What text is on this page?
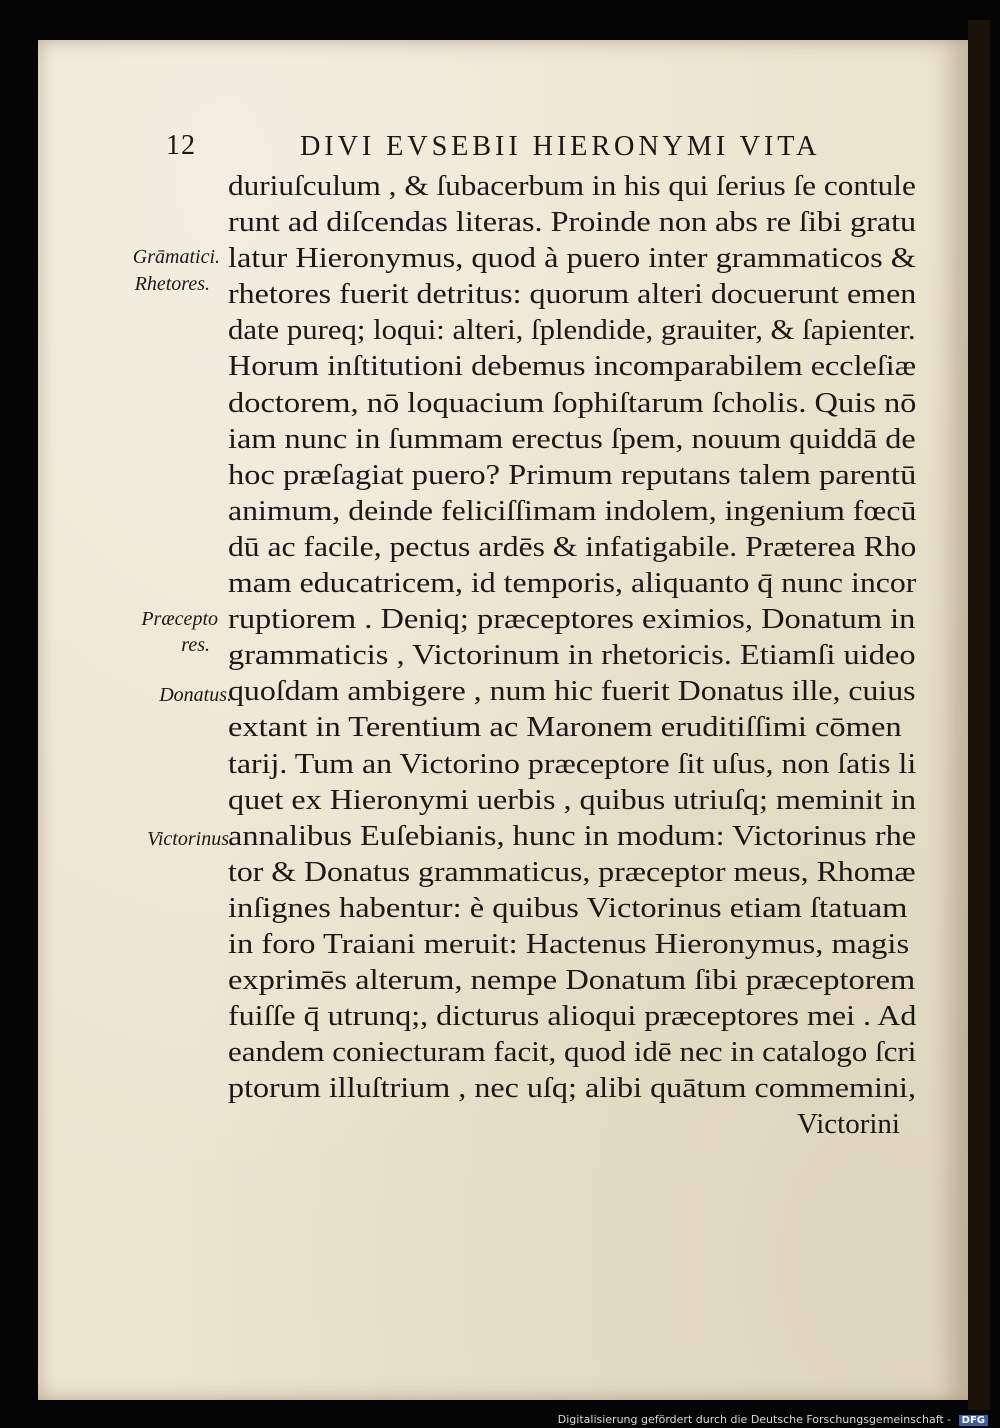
12	DIVI EVSEBII HIERONYMI VITA
Grāmatici.
Rhetores.
Præcepto
res.
Donatus.
Victorinus.
duriuſculum , & ſubacerbum in his qui ſerius ſe contule
runt ad diſcendas literas. Proinde non abs re ſibi gratu
latur Hieronymus, quod à puero inter grammaticos &
rhetores fuerit detritus: quorum alteri docuerunt emen
date pureq; loqui: alteri, ſplendide, grauiter, & ſapienter.
Horum inſtitutioni debemus incomparabilem eccleſiæ
doctorem, nō loquacium ſophiſtarum ſcholis. Quis nō
iam nunc in ſummam erectus ſpem, nouum quiddā de
hoc præſagiat puero? Primum reputans talem parentū
animum, deinde feliciſſimam indolem, ingenium fœcū
dū ac facile, pectus ardēs & infatigabile. Præterea Rho
mam educatricem, id temporis, aliquanto q̄ nunc incor
ruptiorem . Deniq; præceptores eximios, Donatum in
grammaticis , Victorinum in rhetoricis. Etiamſi uideo
quoſdam ambigere , num hic fuerit Donatus ille, cuius
extant in Terentium ac Maronem eruditiſſimi cōmen
tarij. Tum an Victorino præceptore ſit uſus, non ſatis li
quet ex Hieronymi uerbis , quibus utriuſq; meminit in
annalibus Euſebianis, hunc in modum: Victorinus rhe
tor & Donatus grammaticus, præceptor meus, Rhomæ
inſignes habentur: è quibus Victorinus etiam ſtatuam
in foro Traiani meruit: Hactenus Hieronymus, magis
exprimēs alterum, nempe Donatum ſibi præceptorem
fuiſſe q̄ utrunq;, dicturus alioqui præceptores mei . Ad
eandem coniecturam facit, quod idē nec in catalogo ſcri
ptorum illuſtrium , nec uſq; alibi quātum commemini,
Victorini
Digitalisierung gefördert durch die Deutsche Forschungsgemeinschaft - DFG
